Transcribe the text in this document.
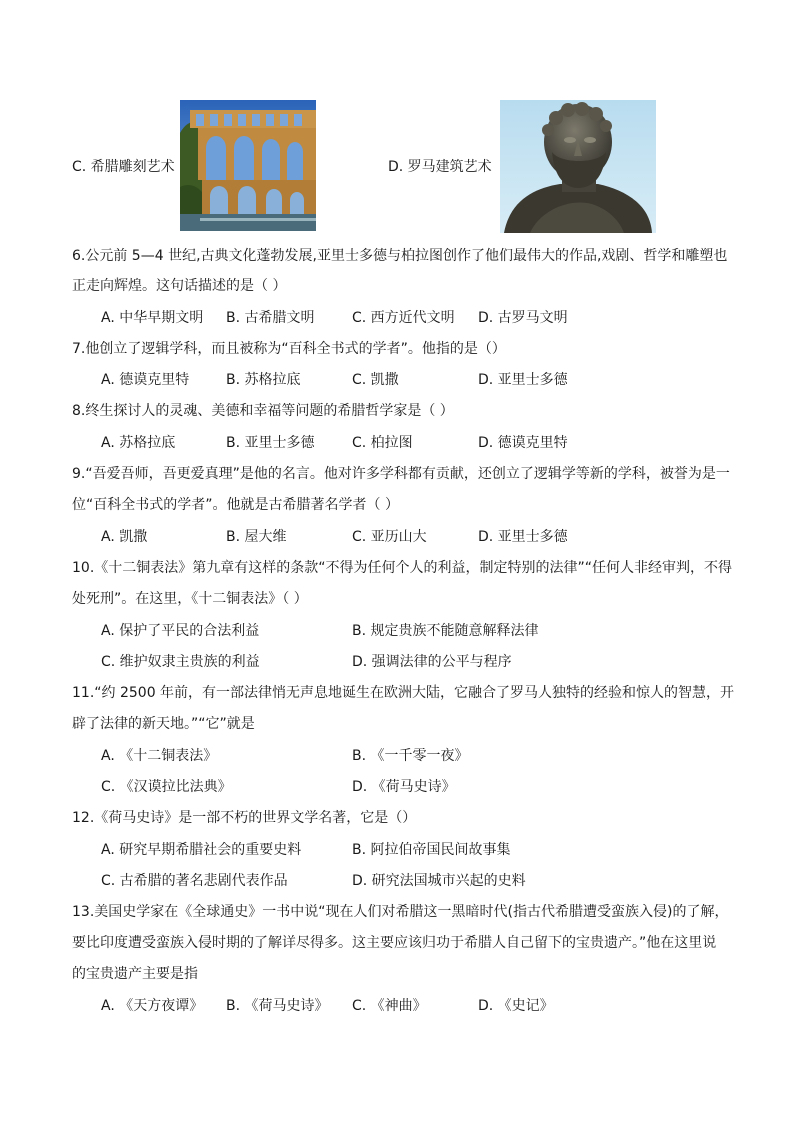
C. 希腊雕刻艺术	D. 罗马建筑艺术
6.公元前 5—4 世纪,古典文化蓬勃发展,亚里士多德与柏拉图创作了他们最伟大的作品,戏剧、哲学和雕塑也
正走向辉煌。这句话描述的是（ ）
A. 中华早期文明 B. 古希腊文明	C. 西方近代文明 D. 古罗马文明
7.他创立了逻辑学科，而且被称为“百科全书式的学者”。他指的是（）
A. 德谟克里特	B. 苏格拉底	C. 凯撒	D. 亚里士多德
8.终生探讨人的灵魂、美德和幸福等问题的希腊哲学家是（ ）
A. 苏格拉底	B. 亚里士多德	C. 柏拉图	D. 德谟克里特
9.“吾爱吾师，吾更爱真理”是他的名言。他对许多学科都有贡献，还创立了逻辑学等新的学科，被誉为是一
位“百科全书式的学者”。他就是古希腊著名学者（ ）
A. 凯撒	B. 屋大维	C. 亚历山大	D. 亚里士多德
10.《十二铜表法》第九章有这样的条款“不得为任何个人的利益，制定特别的法律”“任何人非经审判，不得
处死刑”。在这里，《十二铜表法》（ ）
A. 保护了平民的合法利益	B. 规定贵族不能随意解释法律
C. 维护奴隶主贵族的利益	D. 强调法律的公平与程序
11.“约 2500 年前，有一部法律悄无声息地诞生在欧洲大陆，它融合了罗马人独特的经验和惊人的智慧，开
辟了法律的新天地。”“它”就是
A. 《十二铜表法》	B. 《一千零一夜》
C. 《汉谟拉比法典》	D. 《荷马史诗》
12.《荷马史诗》是一部不朽的世界文学名著，它是（）
A. 研究早期希腊社会的重要史料	B. 阿拉伯帝国民间故事集
C. 古希腊的著名悲剧代表作品	D. 研究法国城市兴起的史料
13.美国史学家在《全球通史》一书中说“现在人们对希腊这一黑暗时代(指古代希腊遭受蛮族入侵)的了解，
要比印度遭受蛮族入侵时期的了解详尽得多。这主要应该归功于希腊人自己留下的宝贵遗产。”他在这里说
的宝贵遗产主要是指
A. 《天方夜谭》 B. 《荷马史诗》 C. 《神曲》	D. 《史记》
